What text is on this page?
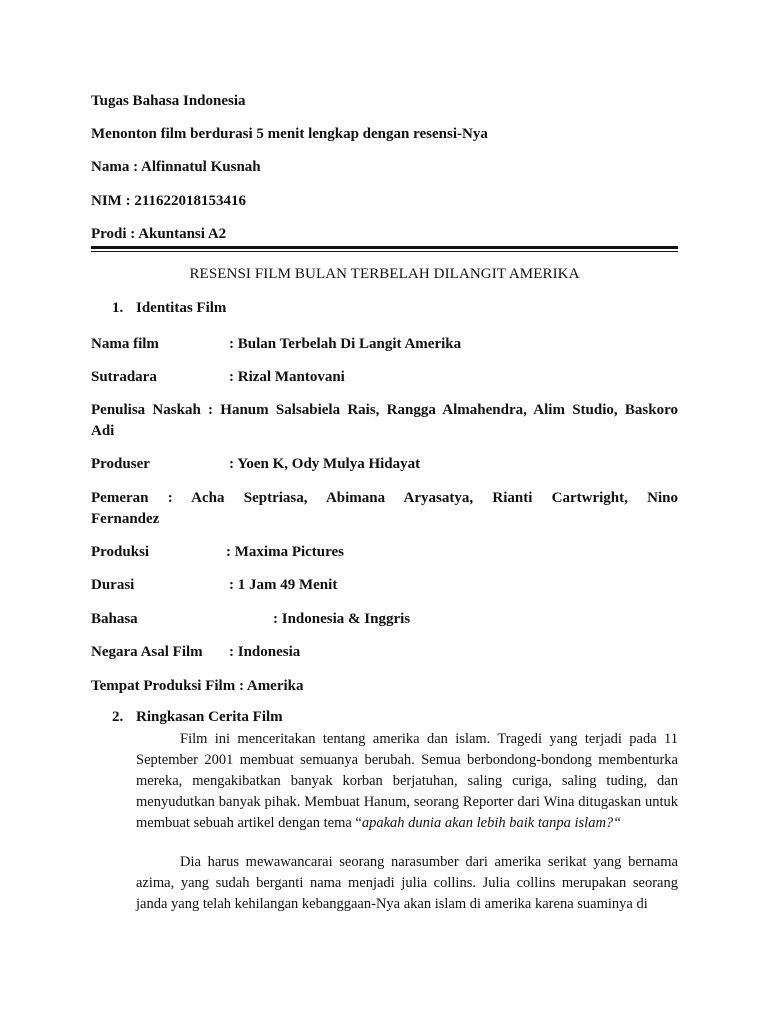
Tugas Bahasa Indonesia
Menonton film berdurasi 5 menit lengkap dengan resensi-Nya
Nama : Alfinnatul Kusnah
NIM : 211622018153416
Prodi : Akuntansi A2
RESENSI FILM BULAN TERBELAH DILANGIT AMERIKA
1. Identitas Film
Nama film	: Bulan Terbelah Di Langit Amerika
Sutradara	: Rizal Mantovani
Penulisa Naskah : Hanum Salsabiela Rais, Rangga Almahendra, Alim Studio, Baskoro
Adi
Produser	: Yoen K, Ody Mulya Hidayat
Pemeran : Acha Septriasa, Abimana Aryasatya, Rianti Cartwright, Nino
Fernandez
Produksi	: Maxima Pictures
Durasi	: 1 Jam 49 Menit
Bahasa	: Indonesia & Inggris
Negara Asal Film : Indonesia
Tempat Produksi Film : Amerika
2. Ringkasan Cerita Film
Film ini menceritakan tentang amerika dan islam. Tragedi yang terjadi pada 11 September 2001 membuat semuanya berubah. Semua berbondong-bondong membenturka mereka, mengakibatkan banyak korban berjatuhan, saling curiga, saling tuding, dan menyudutkan banyak pihak. Membuat Hanum, seorang Reporter dari Wina ditugaskan untuk membuat sebuah artikel dengan tema “apakah dunia akan lebih baik tanpa islam?“
Dia harus mewawancarai seorang narasumber dari amerika serikat yang bernama azima, yang sudah berganti nama menjadi julia collins. Julia collins merupakan seorang janda yang telah kehilangan kebanggaan-Nya akan islam di amerika karena suaminya di
